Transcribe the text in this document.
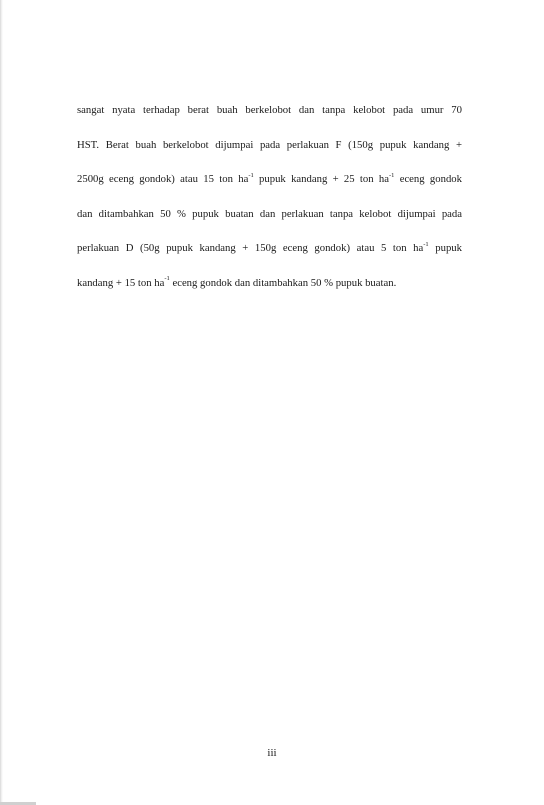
sangat nyata terhadap berat buah berkelobot dan tanpa kelobot pada umur 70
HST. Berat buah berkelobot dijumpai pada perlakuan F (150g pupuk kandang +
2500g eceng gondok) atau 15 ton $ha^{-1}$ pupuk kandang + 25 ton $ha^{-1}$ eceng gondok
dan ditambahkan 50 % pupuk buatan dan perlakuan tanpa kelobot dijumpai pada
perlakuan D (50g pupuk kandang + 150g eceng gondok) atau 5 ton $ha^{-1}$ pupuk
kandang + 15 ton $ha^{-1}$ eceng gondok dan ditambahkan 50 % pupuk buatan.
iii
